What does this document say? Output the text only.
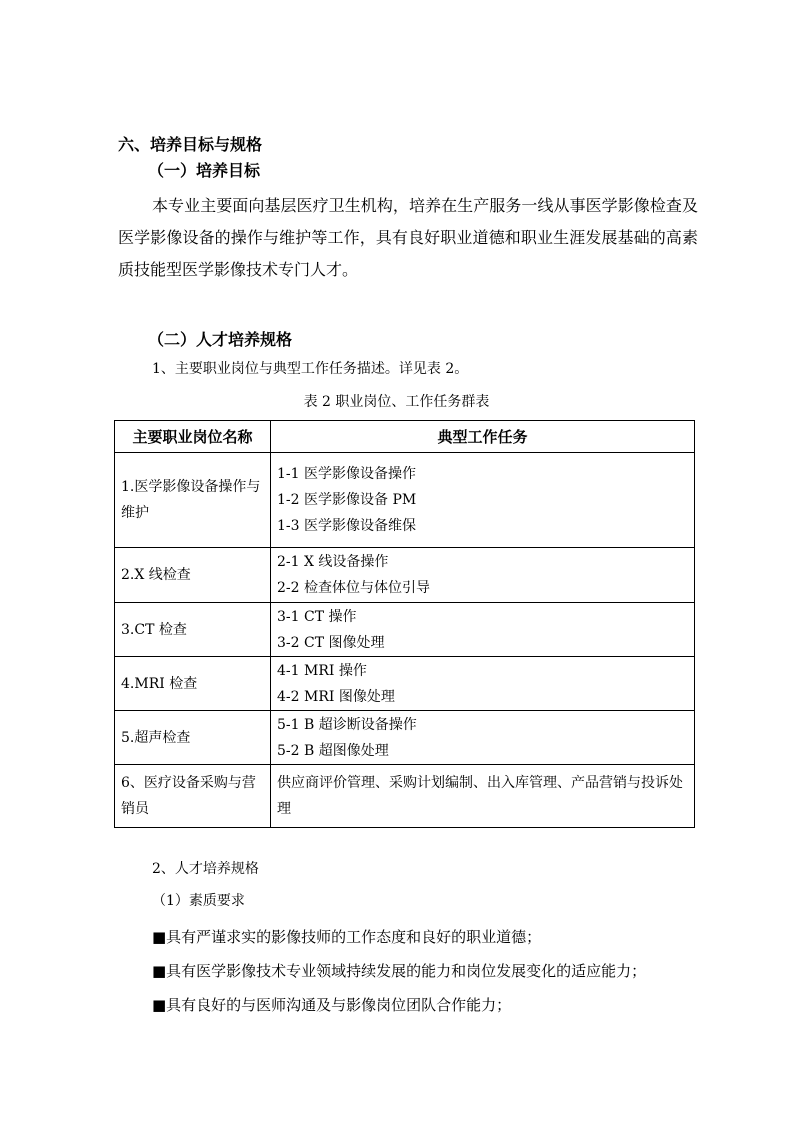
六、培养目标与规格
（一）培养目标
本专业主要面向基层医疗卫生机构，培养在生产服务一线从事医学影像检查及医学影像设备的操作与维护等工作，具有良好职业道德和职业生涯发展基础的高素质技能型医学影像技术专门人才。
（二）人才培养规格
1、主要职业岗位与典型工作任务描述。详见表 2。
表 2 职业岗位、工作任务群表
主要职业岗位名称	典型工作任务
1.医学影像设备操作与维护	1-1 医学影像设备操作
1-2 医学影像设备 PM
1-3 医学影像设备维保

2.X 线检查	2-1 X 线设备操作
2-2 检查体位与体位引导

3.CT 检查	3-1 CT 操作
3-2 CT 图像处理

4.MRI 检查	4-1 MRI 操作
4-2 MRI 图像处理

5.超声检查	5-1 B 超诊断设备操作
5-2 B 超图像处理

6、医疗设备采购与营销员	供应商评价管理、采购计划编制、出入库管理、产品营销与投诉处理
2、人才培养规格
（1）素质要求
■具有严谨求实的影像技师的工作态度和良好的职业道德；
■具有医学影像技术专业领域持续发展的能力和岗位发展变化的适应能力；
■具有良好的与医师沟通及与影像岗位团队合作能力；
